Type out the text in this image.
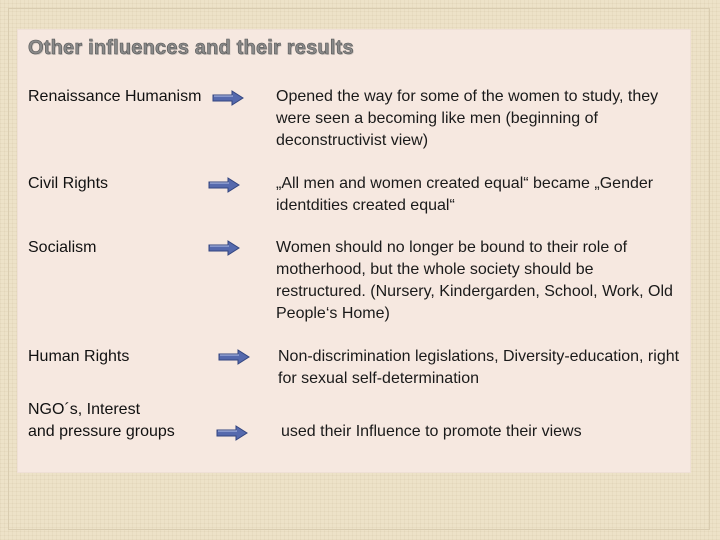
Other influences and their results
Renaissance Humanism	Opened the way for some of the women to study, they were seen a becoming like men (beginning of deconstructivist view)
Civil Rights	„All men and women created equal“ became „Gender identdities created equal“
Socialism	Women should no longer be bound to their role of motherhood, but the whole society should be restructured. (Nursery, Kindergarden, School, Work, Old People‘s Home)
Human Rights	Non-discrimination legislations, Diversity-education, right for sexual self-determination
NGO´s, Interest
and pressure groups	used their Influence to promote their views
